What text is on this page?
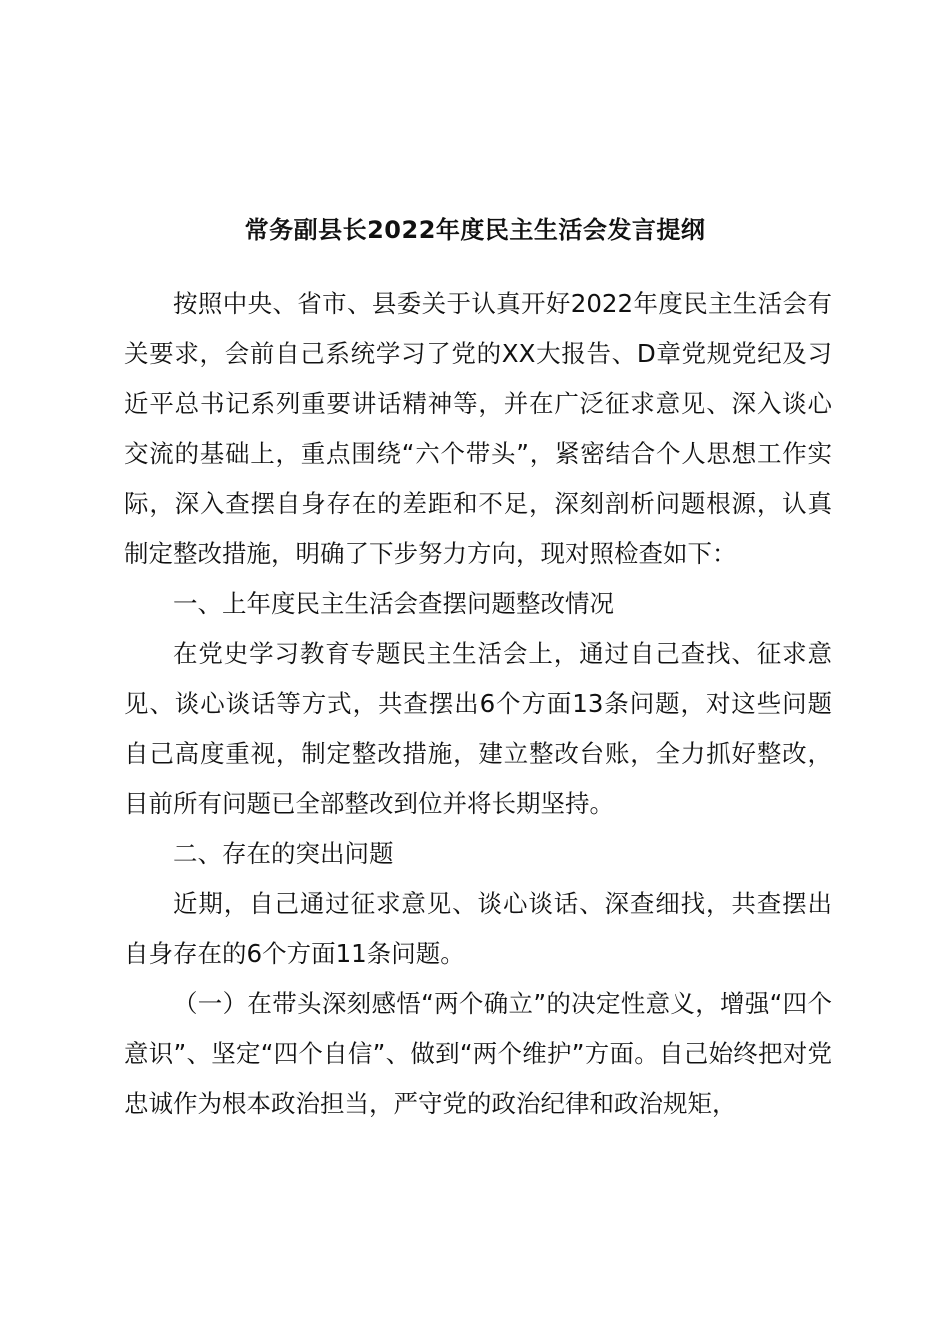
常务副县长2022年度民主生活会发言提纲

按照中央、省市、县委关于认真开好2022年度民主生活会有关要求，会前自己系统学习了党的XX大报告、D章党规党纪及习近平总书记系列重要讲话精神等，并在广泛征求意见、深入谈心交流的基础上，重点围绕“六个带头”，紧密结合个人思想工作实际，深入查摆自身存在的差距和不足，深刻剖析问题根源，认真制定整改措施，明确了下步努力方向，现对照检查如下：

一、上年度民主生活会查摆问题整改情况

在党史学习教育专题民主生活会上，通过自己查找、征求意见、谈心谈话等方式，共查摆出6个方面13条问题，对这些问题自己高度重视，制定整改措施，建立整改台账，全力抓好整改，目前所有问题已全部整改到位并将长期坚持。

二、存在的突出问题

近期，自己通过征求意见、谈心谈话、深查细找，共查摆出自身存在的6个方面11条问题。

（一）在带头深刻感悟“两个确立”的决定性意义，增强“四个意识”、坚定“四个自信”、做到“两个维护”方面。自己始终把对党忠诚作为根本政治担当，严守党的政治纪律和政治规矩，
